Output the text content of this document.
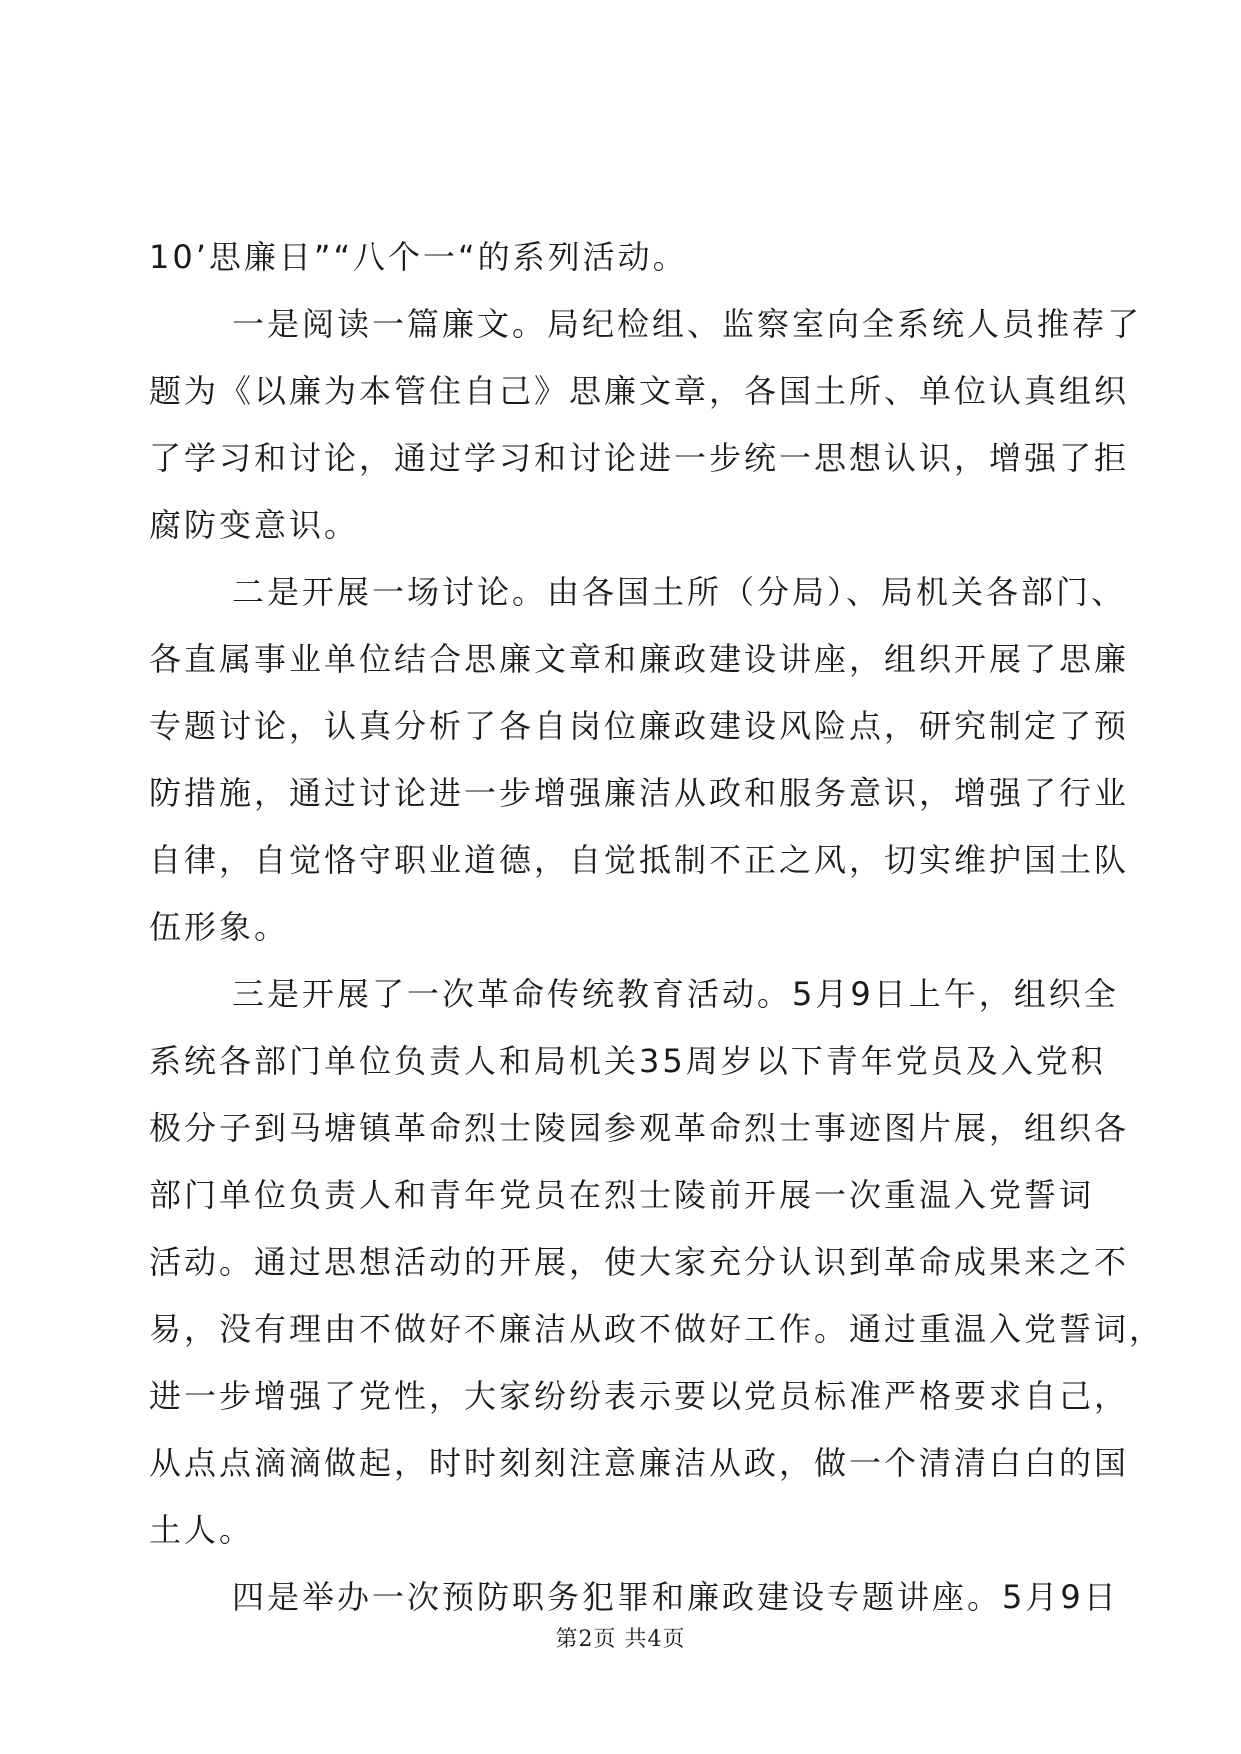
10’思廉日”“八个一“的系列活动。
一是阅读一篇廉文。局纪检组、监察室向全系统人员推荐了
题为《以廉为本管住自己》思廉文章，各国土所、单位认真组织
了学习和讨论，通过学习和讨论进一步统一思想认识，增强了拒
腐防变意识。
二是开展一场讨论。由各国土所（分局）、局机关各部门、
各直属事业单位结合思廉文章和廉政建设讲座，组织开展了思廉
专题讨论，认真分析了各自岗位廉政建设风险点，研究制定了预
防措施，通过讨论进一步增强廉洁从政和服务意识，增强了行业
自律，自觉恪守职业道德，自觉抵制不正之风，切实维护国土队
伍形象。
三是开展了一次革命传统教育活动。5月9日上午，组织全
系统各部门单位负责人和局机关35周岁以下青年党员及入党积
极分子到马塘镇革命烈士陵园参观革命烈士事迹图片展，组织各
部门单位负责人和青年党员在烈士陵前开展一次重温入党誓词
活动。通过思想活动的开展，使大家充分认识到革命成果来之不
易，没有理由不做好不廉洁从政不做好工作。通过重温入党誓词，
进一步增强了党性，大家纷纷表示要以党员标准严格要求自己，
从点点滴滴做起，时时刻刻注意廉洁从政，做一个清清白白的国
土人。
四是举办一次预防职务犯罪和廉政建设专题讲座。5月9日
第2页 共4页
